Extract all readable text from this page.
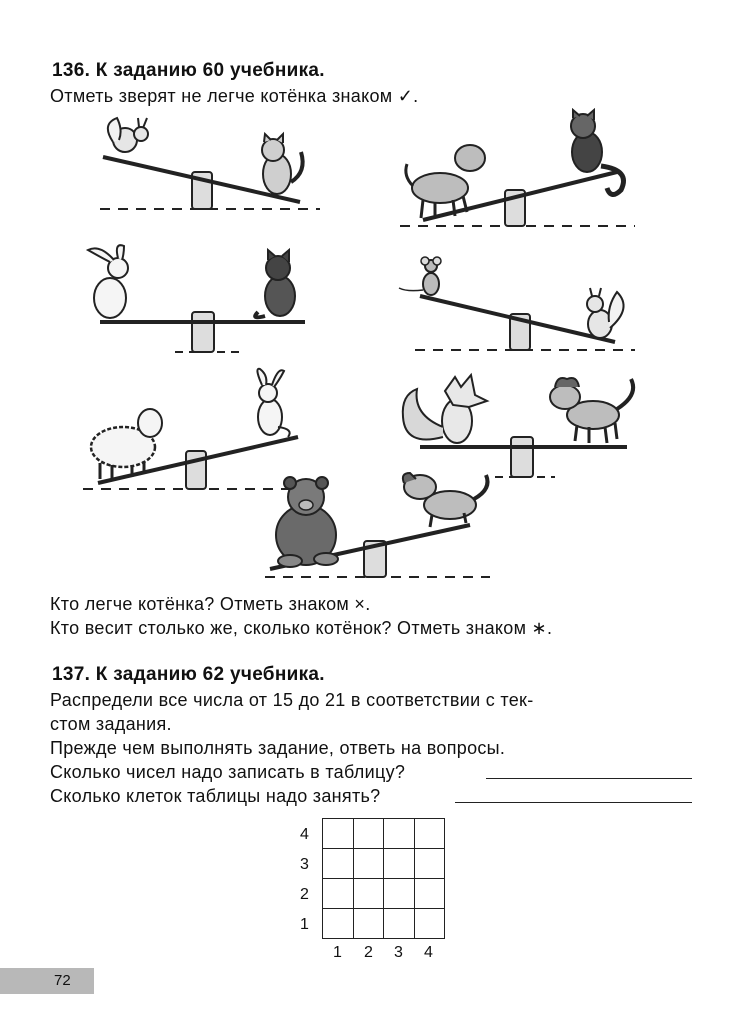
136. К заданию 60 учебника.
Отметь зверят не легче котёнка знаком ✓.
Кто легче котёнка? Отметь знаком ×.
Кто весит столько же, сколько котёнок? Отметь знаком ∗.
137. К заданию 62 учебника.
Распредели все числа от 15 до 21 в соответствии с тек-
стом задания.
Прежде чем выполнять задание, ответь на вопросы.
Сколько чисел надо записать в таблицу?
Сколько клеток таблицы надо занять?

4
3
2
1
1 2 3 4
72
